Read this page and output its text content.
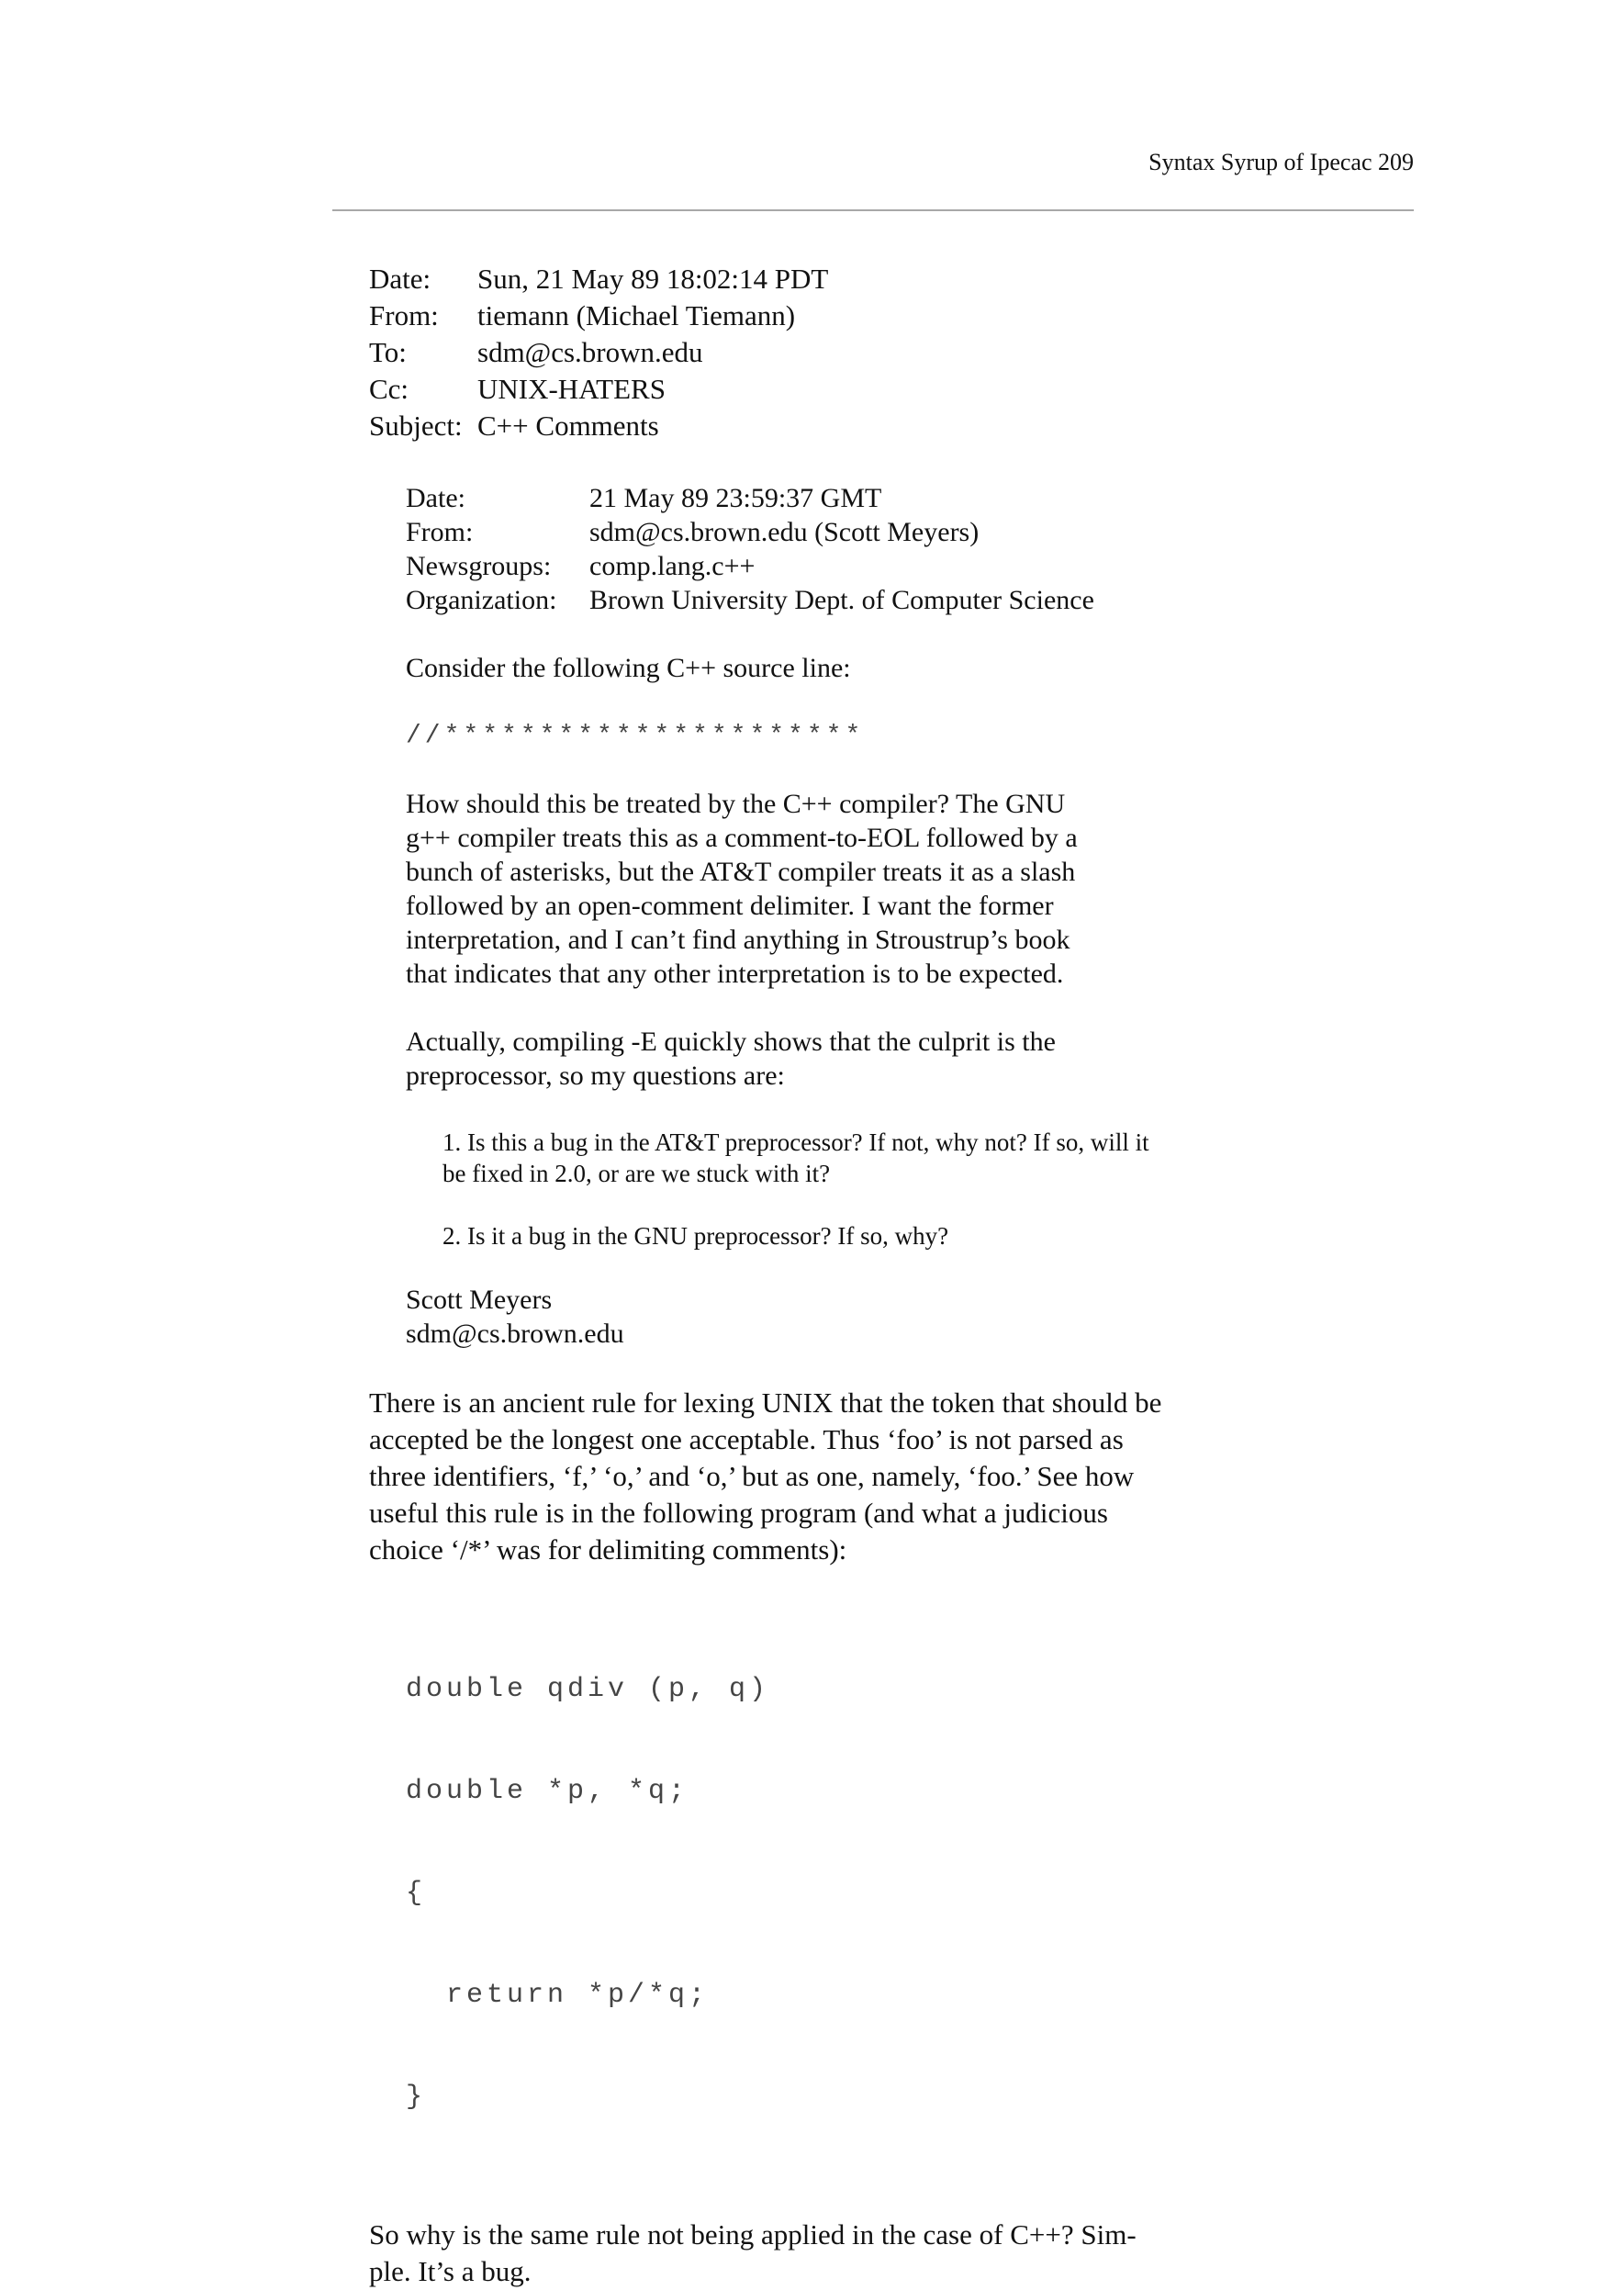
Syntax Syrup of Ipecac 209
Date:	Sun, 21 May 89 18:02:14 PDT
From:	tiemann (Michael Tiemann)
To:	sdm@cs.brown.edu
Cc:	UNIX-HATERS
Subject:	C++ Comments
Date:	21 May 89 23:59:37 GMT
From:	sdm@cs.brown.edu (Scott Meyers)
Newsgroups:	comp.lang.c++
Organization:	Brown University Dept. of Computer Science

Consider the following C++ source line:

//**********************

How should this be treated by the C++ compiler? The GNU
g++ compiler treats this as a comment-to-EOL followed by a
bunch of asterisks, but the AT&T compiler treats it as a slash
followed by an open-comment delimiter. I want the former
interpretation, and I can’t find anything in Stroustrup’s book
that indicates that any other interpretation is to be expected.

Actually, compiling -E quickly shows that the culprit is the
preprocessor, so my questions are:

1. Is this a bug in the AT&T preprocessor? If not, why not? If so, will it
be fixed in 2.0, or are we stuck with it?
2. Is it a bug in the GNU preprocessor? If so, why?

Scott Meyers
sdm@cs.brown.edu

There is an ancient rule for lexing UNIX that the token that should be
accepted be the longest one acceptable. Thus ‘foo’ is not parsed as
three identifiers, ‘f,’ ‘o,’ and ‘o,’ but as one, namely, ‘foo.’ See how
useful this rule is in the following program (and what a judicious
choice ‘/*’ was for delimiting comments):

double qdiv (p, q)

double *p, *q;

{

return *p/*q;

}

So why is the same rule not being applied in the case of C++? Sim-
ple. It’s a bug.
